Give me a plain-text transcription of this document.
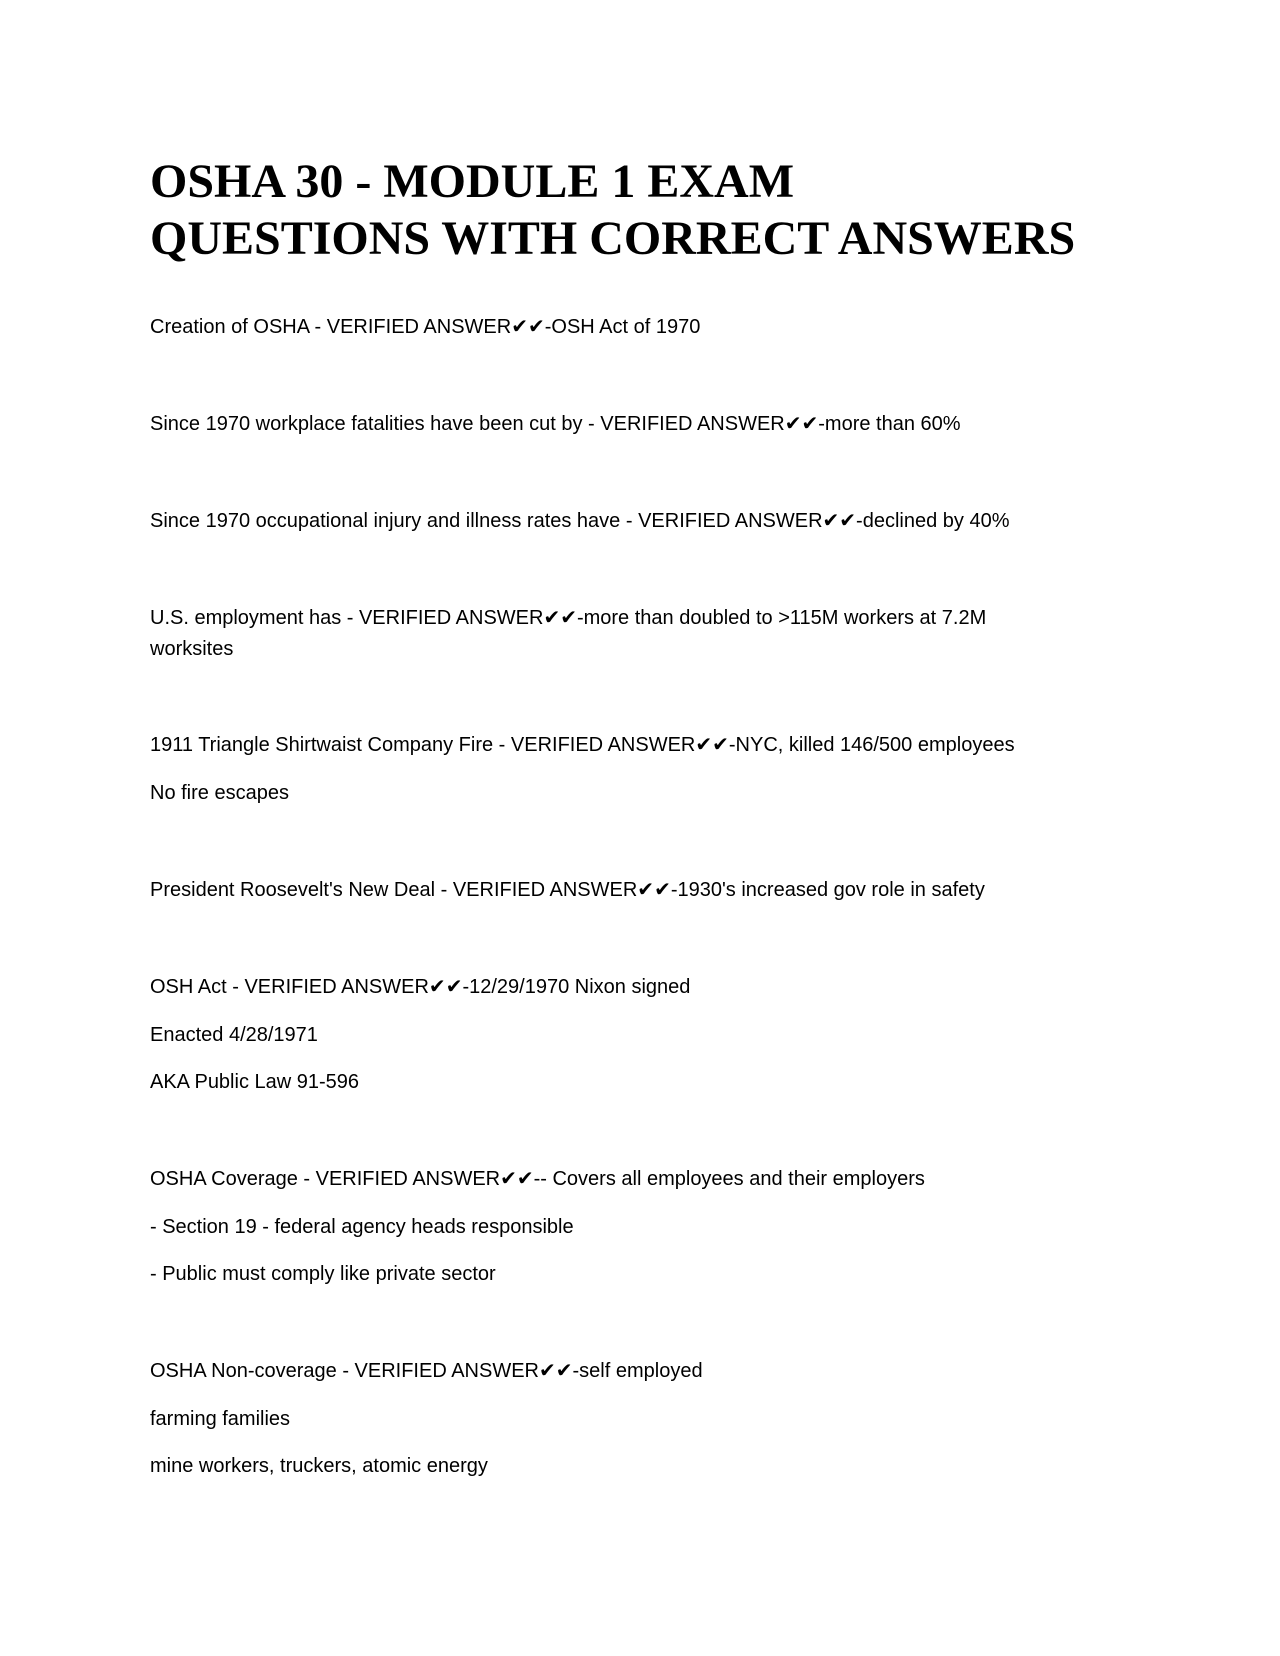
OSHA 30 - MODULE 1 EXAM
QUESTIONS WITH CORRECT ANSWERS

Creation of OSHA - VERIFIED ANSWER✔✔-OSH Act of 1970

Since 1970 workplace fatalities have been cut by - VERIFIED ANSWER✔✔-more than 60%

Since 1970 occupational injury and illness rates have - VERIFIED ANSWER✔✔-declined by 40%

U.S. employment has - VERIFIED ANSWER✔✔-more than doubled to >115M workers at 7.2M

worksites

1911 Triangle Shirtwaist Company Fire - VERIFIED ANSWER✔✔-NYC, killed 146/500 employees

No fire escapes

President Roosevelt's New Deal - VERIFIED ANSWER✔✔-1930's increased gov role in safety

OSH Act - VERIFIED ANSWER✔✔-12/29/1970 Nixon signed

Enacted 4/28/1971

AKA Public Law 91-596

OSHA Coverage - VERIFIED ANSWER✔✔-- Covers all employees and their employers

- Section 19 - federal agency heads responsible

- Public must comply like private sector

OSHA Non-coverage - VERIFIED ANSWER✔✔-self employed

farming families

mine workers, truckers, atomic energy
